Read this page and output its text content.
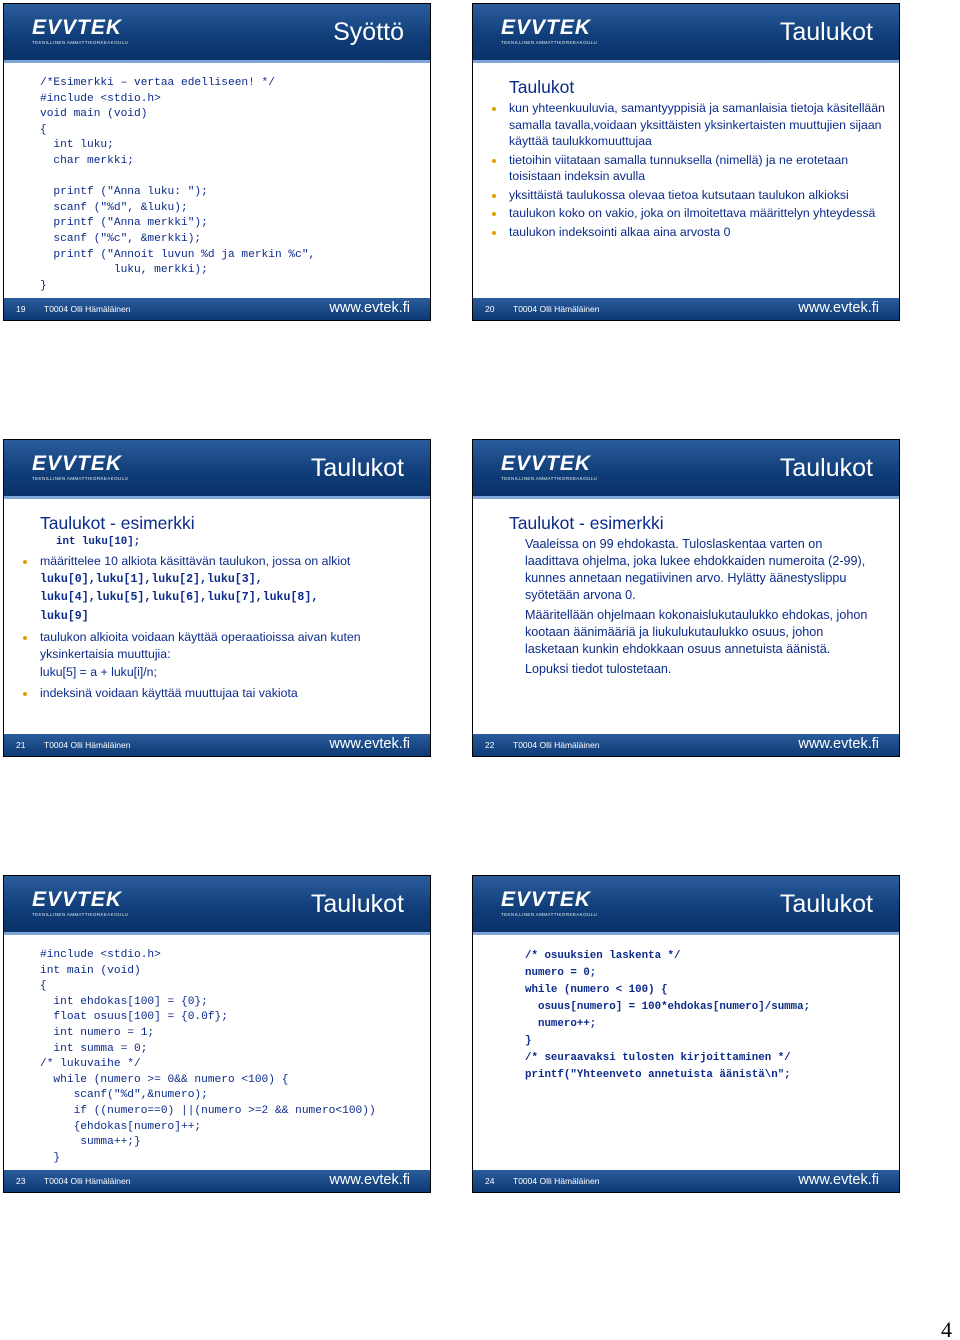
EVVTEK
TEKNILLINEN AMMATTIKORKEAKOULU	Syöttö
/*Esimerkki – vertaa edelliseen! */
#include <stdio.h>
void main (void)
{
int luku;
char merkki;

printf ("Anna luku: ");
scanf ("%d", &luku);
printf ("Anna merkki");
scanf ("%c", &merkki);
printf ("Annoit luvun %d ja merkin %c",
luku, merkki);
}
19 T0004 Olli Hämäläinen	www.evtek.fi
EVVTEK
TEKNILLINEN AMMATTIKORKEAKOULU	Taulukot
Taulukot
kun yhteenkuuluvia, samantyyppisiä ja samanlaisia tietoja käsitellään samalla tavalla,voidaan yksittäisten yksinkertaisten muuttujien sijaan käyttää taulukkomuuttujaa
tietoihin viitataan samalla tunnuksella (nimellä) ja ne erotetaan toisistaan indeksin avulla
yksittäistä taulukossa olevaa tietoa kutsutaan taulukon alkioksi
taulukon koko on vakio, joka on ilmoitettava määrittelyn yhteydessä
taulukon indeksointi alkaa aina arvosta 0
20 T0004 Olli Hämäläinen	www.evtek.fi
EVVTEK
TEKNILLINEN AMMATTIKORKEAKOULU	Taulukot
Taulukot - esimerkki
int luku[10];
määrittelee 10 alkiota käsittävän taulukon, jossa on alkiot luku[0],luku[1],luku[2],luku[3],
luku[4],luku[5],luku[6],luku[7],luku[8],
luku[9]
taulukon alkioita voidaan käyttää operaatioissa aivan kuten yksinkertaisia muuttujia:
luku[5] = a + luku[i]/n;
indeksinä voidaan käyttää muuttujaa tai vakiota
21 T0004 Olli Hämäläinen	www.evtek.fi
EVVTEK
TEKNILLINEN AMMATTIKORKEAKOULU	Taulukot
Taulukot - esimerkki

Vaaleissa on 99 ehdokasta. Tuloslaskentaa varten on laadittava ohjelma, joka lukee ehdokkaiden numeroita (2-99), kunnes annetaan negatiivinen arvo. Hylätty äänestyslippu syötetään arvona 0.

Määritellään ohjelmaan kokonaislukutaulukko ehdokas, johon kootaan äänimääriä ja liukulukutaulukko osuus, johon lasketaan kunkin ehdokkaan osuus annetuista äänistä.

Lopuksi tiedot tulostetaan.

22 T0004 Olli Hämäläinen	www.evtek.fi
EVVTEK
TEKNILLINEN AMMATTIKORKEAKOULU	Taulukot
#include <stdio.h>
int main (void)
{
int ehdokas[100] = {0};
float osuus[100] = {0.0f};
int numero = 1;
int summa = 0;
/* lukuvaihe */
while (numero >= 0&& numero <100) {
scanf("%d",&numero);
if ((numero==0) ||(numero >=2 && numero<100))
{ehdokas[numero]++;
summa++;}
}
23 T0004 Olli Hämäläinen	www.evtek.fi
EVVTEK
TEKNILLINEN AMMATTIKORKEAKOULU	Taulukot
/* osuuksien laskenta */
numero = 0;
while (numero < 100) {
osuus[numero] = 100*ehdokas[numero]/summa;
numero++;
}
/* seuraavaksi tulosten kirjoittaminen */
printf("Yhteenveto annetuista äänistä\n";
24 T0004 Olli Hämäläinen	www.evtek.fi
4
